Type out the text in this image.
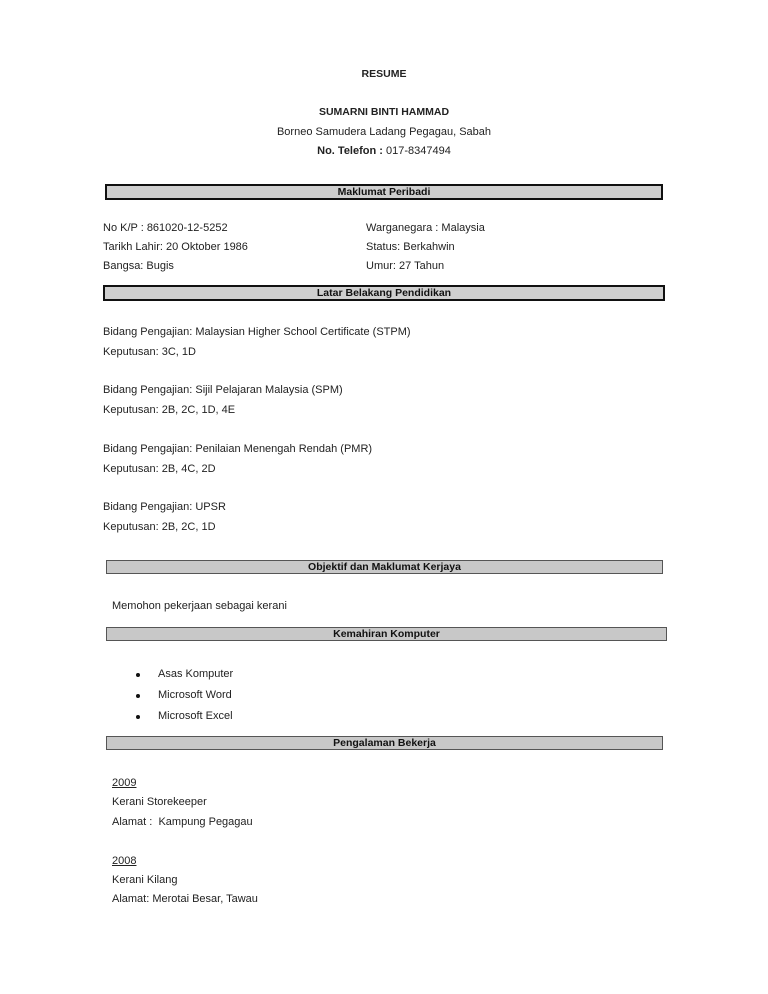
RESUME
SUMARNI BINTI HAMMAD
Borneo Samudera Ladang Pegagau, Sabah
No. Telefon : 017-8347494
Maklumat Peribadi
No K/P : 861020-12-5252
Tarikh Lahir: 20 Oktober 1986
Bangsa: Bugis
Warganegara : Malaysia
Status: Berkahwin
Umur: 27 Tahun
Latar Belakang Pendidikan
Bidang Pengajian: Malaysian Higher School Certificate (STPM)
Keputusan: 3C, 1D
Bidang Pengajian: Sijil Pelajaran Malaysia (SPM)
Keputusan: 2B, 2C, 1D, 4E
Bidang Pengajian: Penilaian Menengah Rendah (PMR)
Keputusan: 2B, 4C, 2D
Bidang Pengajian: UPSR
Keputusan: 2B, 2C, 1D
Objektif dan Maklumat Kerjaya
Memohon pekerjaan sebagai kerani
Kemahiran Komputer
Asas Komputer
Microsoft Word
Microsoft Excel
Pengalaman Bekerja
2009
Kerani Storekeeper
Alamat :  Kampung Pegagau
2008
Kerani Kilang
Alamat: Merotai Besar, Tawau
